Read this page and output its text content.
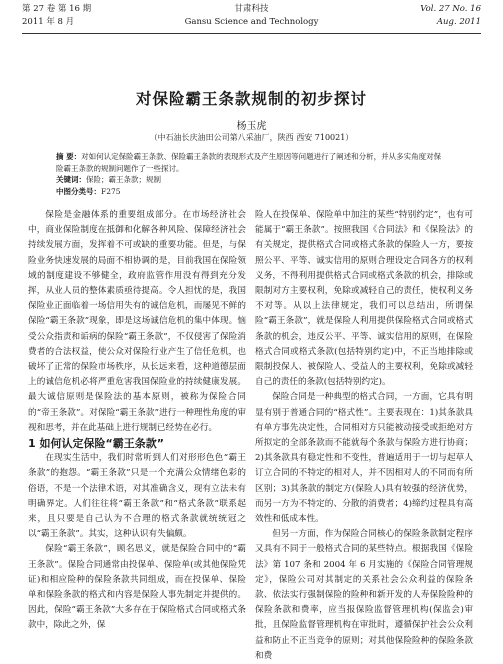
第 27 卷 第 16 期
2011 年 8 月
甘肃科技
Gansu Science and Technology
Vol. 27 No. 16
Aug. 2011
对保险霸王条款规制的初步探讨
杨玉虎
（中石油长庆油田公司第八采油厂，陕西 西安 710021）

摘 要：对如何认定保险霸王条款、保险霸王条款的表现形式及产生原因等问题进行了阐述和分析，并从多实角度对保险霸王条款的规制问题作了一些探讨。

关键词：保险；霸王条款；规制

中图分类号：F275

保险是金融体系的重要组成部分。在市场经济社会中，商业保险制度在抵御和化解各种风险、保障经济社会持续发展方面，发挥着不可或缺的重要功能。但是，与保险业务快速发展的局面不相协调的是，目前我国在保险领域的制度建设不够健全，政府监管作用没有得到充分发挥，从业人员的整体素质亟待提高。令人担忧的是，我国保险业正面临着一场信用失有的诚信危机，而屡见不鲜的保险“霸王条款”现象，即是这场诚信危机的集中体现。恼受公众指责和诟病的保险“霸王条款”，不仅侵害了保险消费者的合法权益，使公众对保险行业产生了信任危机，也破坏了正常的保险市场秩序，从长远来看，这种道德层面上的诚信危机必将严重危害我国保险业的持续健康发展。最大诚信原则是保险法的基本原则，被称为保险合同的“帝王条款”。对保险“霸王条款”进行一种理性角度的审视和思考，并在此基础上进行规制已经势在必行。

1 如何认定保险“霸王条款”

在现实生活中，我们时常听到人们对形形色色“霸王条款”的抱怨。“霸王条款”只是一个充满公众情绪色彩的俗语，不是一个法律术语，对其准确含义，现有立法未有明确界定。人们往往将“霸王条款”和“格式条款”联系起来，且只要是自己认为不合理的格式条款就统统冠之以“霸王条款”。其实，这种认识有失偏颇。

保险“霸王条款”，顾名思义，就是保险合同中的“霸王条款”。保险合同通常由投保单、保险单(或其他保险凭证)和相应险种的保险条款共同组成，而在投保单、保险单和保险条款的格式和内容是保险人事先制定并提供的。因此，保险“霸王条款”大多存在于保险格式合同或格式条款中，除此之外，保

险人在投保单、保险单中加注的某些“特别约定”，也有可能属于“霸王条款”。按照我国《合同法》和《保险法》的有关规定，提供格式合同或格式条款的保险人一方，要按照公平、平等、诚实信用的原则合理设定合同各方的权利义务，不得利用提供格式合同或格式条款的机会，排除或限制对方主要权利，免除或减轻自己的责任，使权利义务不对等。从以上法律规定，我们可以总结出，所谓保险“霸王条款”，就是保险人利用提供保险格式合同或格式条款的机会，违反公平、平等、诚实信用的原则，在保险格式合同或格式条款(包括特别约定)中，不正当地排除或限制投保人、被保险人、受益人的主要权利，免除或减轻自己的责任的条款(包括特别约定)。

保险合同是一种典型的格式合同，一方面，它具有明显有别于普通合同的“格式性”。主要表现在：1)其条款具有单方事先决定性，合同相对方只能被动接受或拒绝对方所拟定的全部条款而不能就每个条款与保险方进行协商；2)其条款具有稳定性和不变性，普遍适用于一切与起草人订立合同的不特定的相对人，并不因相对人的不同而有所区别；3)其条款的制定方(保险人)具有较强的经济优势，而另一方为不特定的、分散的消费者；4)缔约过程具有高效性和低成本性。

但另一方面，作为保险合同核心的保险条款制定程序又具有不同于一般格式合同的某些特点。根据我国《保险法》第 107 条和 2004 年 6 月实施的《保险合同管理规定》，保险公司对其制定的关系社会公众利益的保险条款、依法实行强制保险的险种和新开发的人寿保险险种的保险条款和费率，应当报保险监督管理机构(保监会)审批，且保险监督管理机构在审批时，遵循保护社会公众利益和防止不正当竞争的原则；对其他保险险种的保险条款和费
